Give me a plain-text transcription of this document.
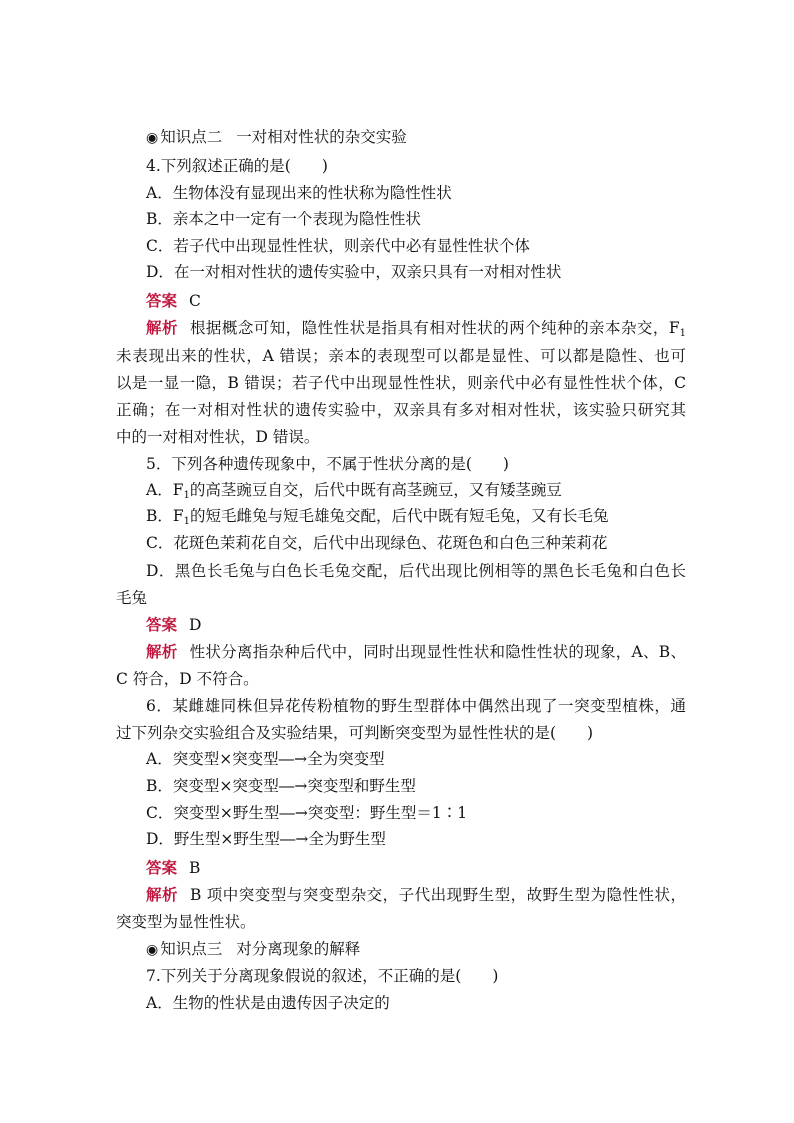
◉ 知识点二 一对相对性状的杂交实验
4.下列叙述正确的是(　　)
A．生物体没有显现出来的性状称为隐性性状
B．亲本之中一定有一个表现为隐性性状
C．若子代中出现显性性状，则亲代中必有显性性状个体
D．在一对相对性状的遗传实验中，双亲只具有一对相对性状
答案 C
解析 根据概念可知，隐性性状是指具有相对性状的两个纯种的亲本杂交，$F_1$
未表现出来的性状，A 错误；亲本的表现型可以都是显性、可以都是隐性、也可
以是一显一隐，B 错误；若子代中出现显性性状，则亲代中必有显性性状个体，C
正确；在一对相对性状的遗传实验中，双亲具有多对相对性状，该实验只研究其
中的一对相对性状，D 错误。
5．下列各种遗传现象中，不属于性状分离的是(　　)
A．$F_1$的高茎豌豆自交，后代中既有高茎豌豆，又有矮茎豌豆
B．$F_1$的短毛雌兔与短毛雄兔交配，后代中既有短毛兔，又有长毛兔
C．花斑色茉莉花自交，后代中出现绿色、花斑色和白色三种茉莉花
D．黑色长毛兔与白色长毛兔交配，后代出现比例相等的黑色长毛兔和白色长
毛兔
答案 D
解析 性状分离指杂种后代中，同时出现显性性状和隐性性状的现象，A、B、
C 符合，D 不符合。
6．某雌雄同株但异花传粉植物的野生型群体中偶然出现了一突变型植株，通
过下列杂交实验组合及实验结果，可判断突变型为显性性状的是(　　)
A．突变型×突变型―→全为突变型
B．突变型×突变型―→突变型和野生型
C．突变型×野生型―→突变型：野生型＝1∶1
D．野生型×野生型―→全为野生型
答案 B
解析 B 项中突变型与突变型杂交，子代出现野生型，故野生型为隐性性状，
突变型为显性性状。
◉ 知识点三 对分离现象的解释
7.下列关于分离现象假说的叙述，不正确的是(　　)
A．生物的性状是由遗传因子决定的
